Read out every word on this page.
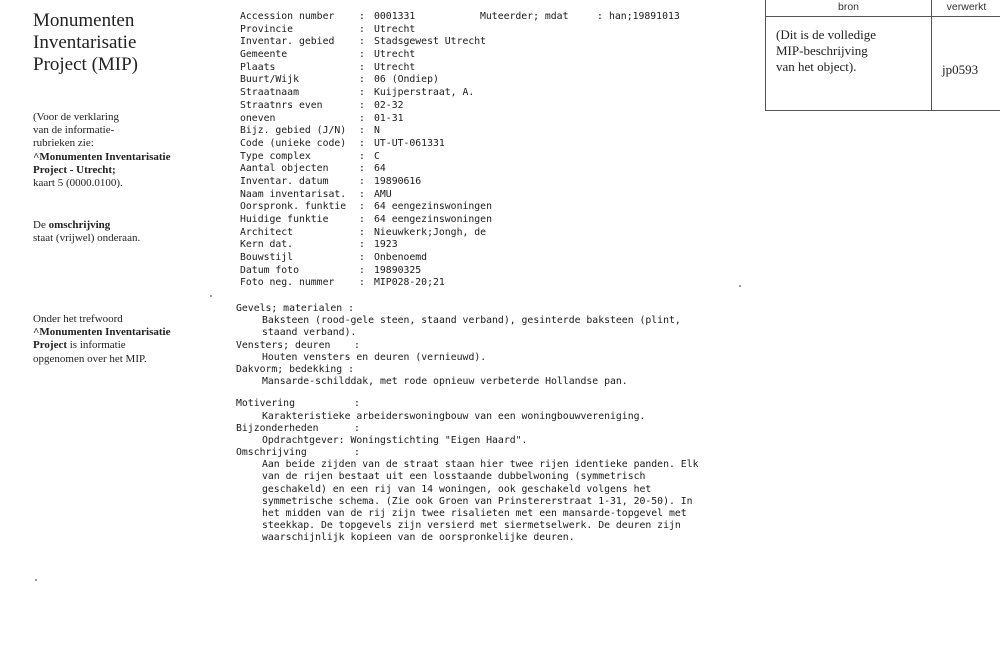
Monumenten
Inventarisatie
Project (MIP)
(Voor de verklaring
van de informatie-
rubrieken zie:
^Monumenten Inventarisatie
Project - Utrecht;
kaart 5 (0000.0100).
De omschrijving
staat (vrijwel) onderaan.
Onder het trefwoord
^Monumenten Inventarisatie
Project is informatie
opgenomen over het MIP.
Accession number	: 0001331	Muteerder; mdat	: han;19891013
Provincie	: Utrecht
Inventar. gebied	: Stadsgewest Utrecht
Gemeente	: Utrecht
Plaats	: Utrecht
Buurt/Wijk	: 06 (Ondiep)
Straatnaam	: Kuijperstraat, A.
Straatnrs even	: 02-32
oneven	: 01-31
Bijz. gebied (J/N) : N
Code (unieke code) : UT-UT-061331
Type complex	: C
Aantal objecten	: 64
Inventar. datum	: 19890616
Naam inventarisat. : AMU
Oorspronk. funktie : 64 eengezinswoningen
Huidige funktie	: 64 eengezinswoningen
Architect	: Nieuwkerk;Jongh, de
Kern dat.	: 1923
Bouwstijl	: Onbenoemd
Datum foto	: 19890325
Foto neg. nummer	: MIP028-20;21
Gevels; materialen :
Baksteen (rood-gele steen, staand verband), gesinterde baksteen (plint,
staand verband).
Vensters; deuren    :
Houten vensters en deuren (vernieuwd).
Dakvorm; bedekking :
Mansarde-schilddak, met rode opnieuw verbeterde Hollandse pan.
Motivering          :
Karakteristieke arbeiderswoningbouw van een woningbouwvereniging.
Bijzonderheden      :
Opdrachtgever: Woningstichting "Eigen Haard".
Omschrijving        :
Aan beide zijden van de straat staan hier twee rijen identieke panden. Elk
van de rijen bestaat uit een losstaande dubbelwoning (symmetrisch
geschakeld) en een rij van 14 woningen, ook geschakeld volgens het
symmetrische schema. (Zie ook Groen van Prinstererstraat 1-31, 20-50). In
het midden van de rij zijn twee risalieten met een mansarde-topgevel met
steekkap. De topgevels zijn versierd met siermetselwerk. De deuren zijn
waarschijnlijk kopieen van de oorspronkelijke deuren.
bron	verwerkt
(Dit is de volledige
MIP-beschrijving
van het object).	jp0593
